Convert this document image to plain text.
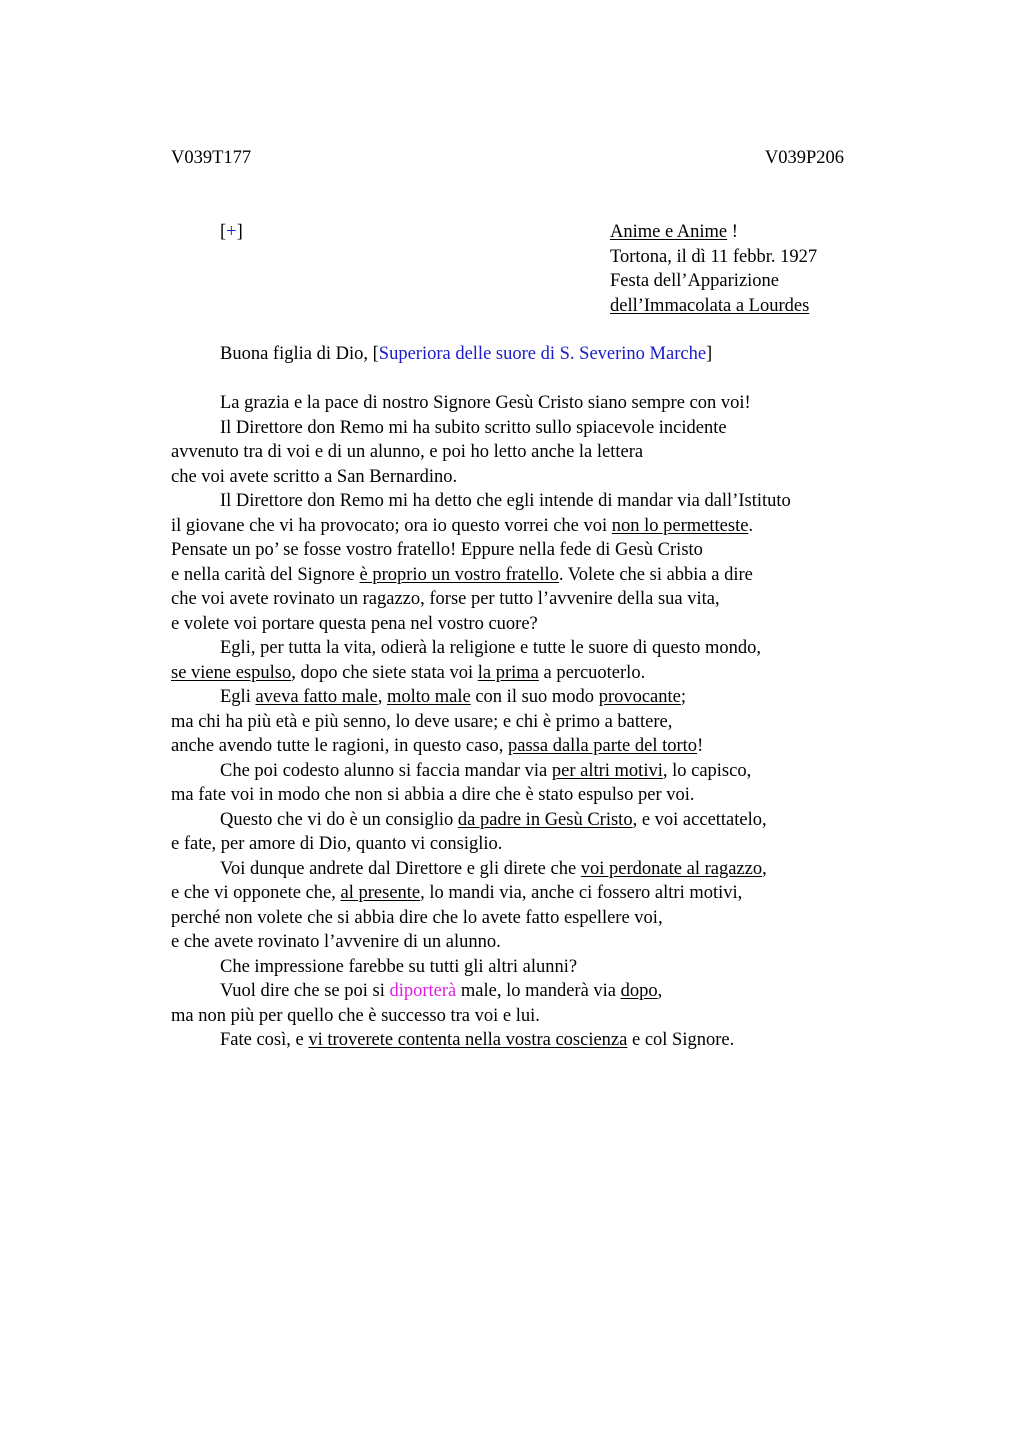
V039T177	V039P206
[+]	Anime e Anime !
Tortona, il dì 11 febbr. 1927
Festa dell’Apparizione
dell’Immacolata a Lourdes
Buona figlia di Dio, [Superiora delle suore di S. Severino Marche]
La grazia e la pace di nostro Signore Gesù Cristo siano sempre con voi!
Il Direttore don Remo mi ha subito scritto sullo spiacevole incidente
avvenuto tra di voi e di un alunno, e poi ho letto anche la lettera
che voi avete scritto a San Bernardino.
Il Direttore don Remo mi ha detto che egli intende di mandar via dall’Istituto
il giovane che vi ha provocato; ora io questo vorrei che voi non lo permetteste.
Pensate un po’ se fosse vostro fratello! Eppure nella fede di Gesù Cristo
e nella carità del Signore è proprio un vostro fratello. Volete che si abbia a dire
che voi avete rovinato un ragazzo, forse per tutto l’avvenire della sua vita,
e volete voi portare questa pena nel vostro cuore?
Egli, per tutta la vita, odierà la religione e tutte le suore di questo mondo,
se viene espulso, dopo che siete stata voi la prima a percuoterlo.
Egli aveva fatto male, molto male con il suo modo provocante;
ma chi ha più età e più senno, lo deve usare; e chi è primo a battere,
anche avendo tutte le ragioni, in questo caso, passa dalla parte del torto!
Che poi codesto alunno si faccia mandar via per altri motivi, lo capisco,
ma fate voi in modo che non si abbia a dire che è stato espulso per voi.
Questo che vi do è un consiglio da padre in Gesù Cristo, e voi accettatelo,
e fate, per amore di Dio, quanto vi consiglio.
Voi dunque andrete dal Direttore e gli direte che voi perdonate al ragazzo,
e che vi opponete che, al presente, lo mandi via, anche ci fossero altri motivi,
perché non volete che si abbia dire che lo avete fatto espellere voi,
e che avete rovinato l’avvenire di un alunno.
Che impressione farebbe su tutti gli altri alunni?
Vuol dire che se poi si diporterà male, lo manderà via dopo,
ma non più per quello che è successo tra voi e lui.
Fate così, e vi troverete contenta nella vostra coscienza e col Signore.
